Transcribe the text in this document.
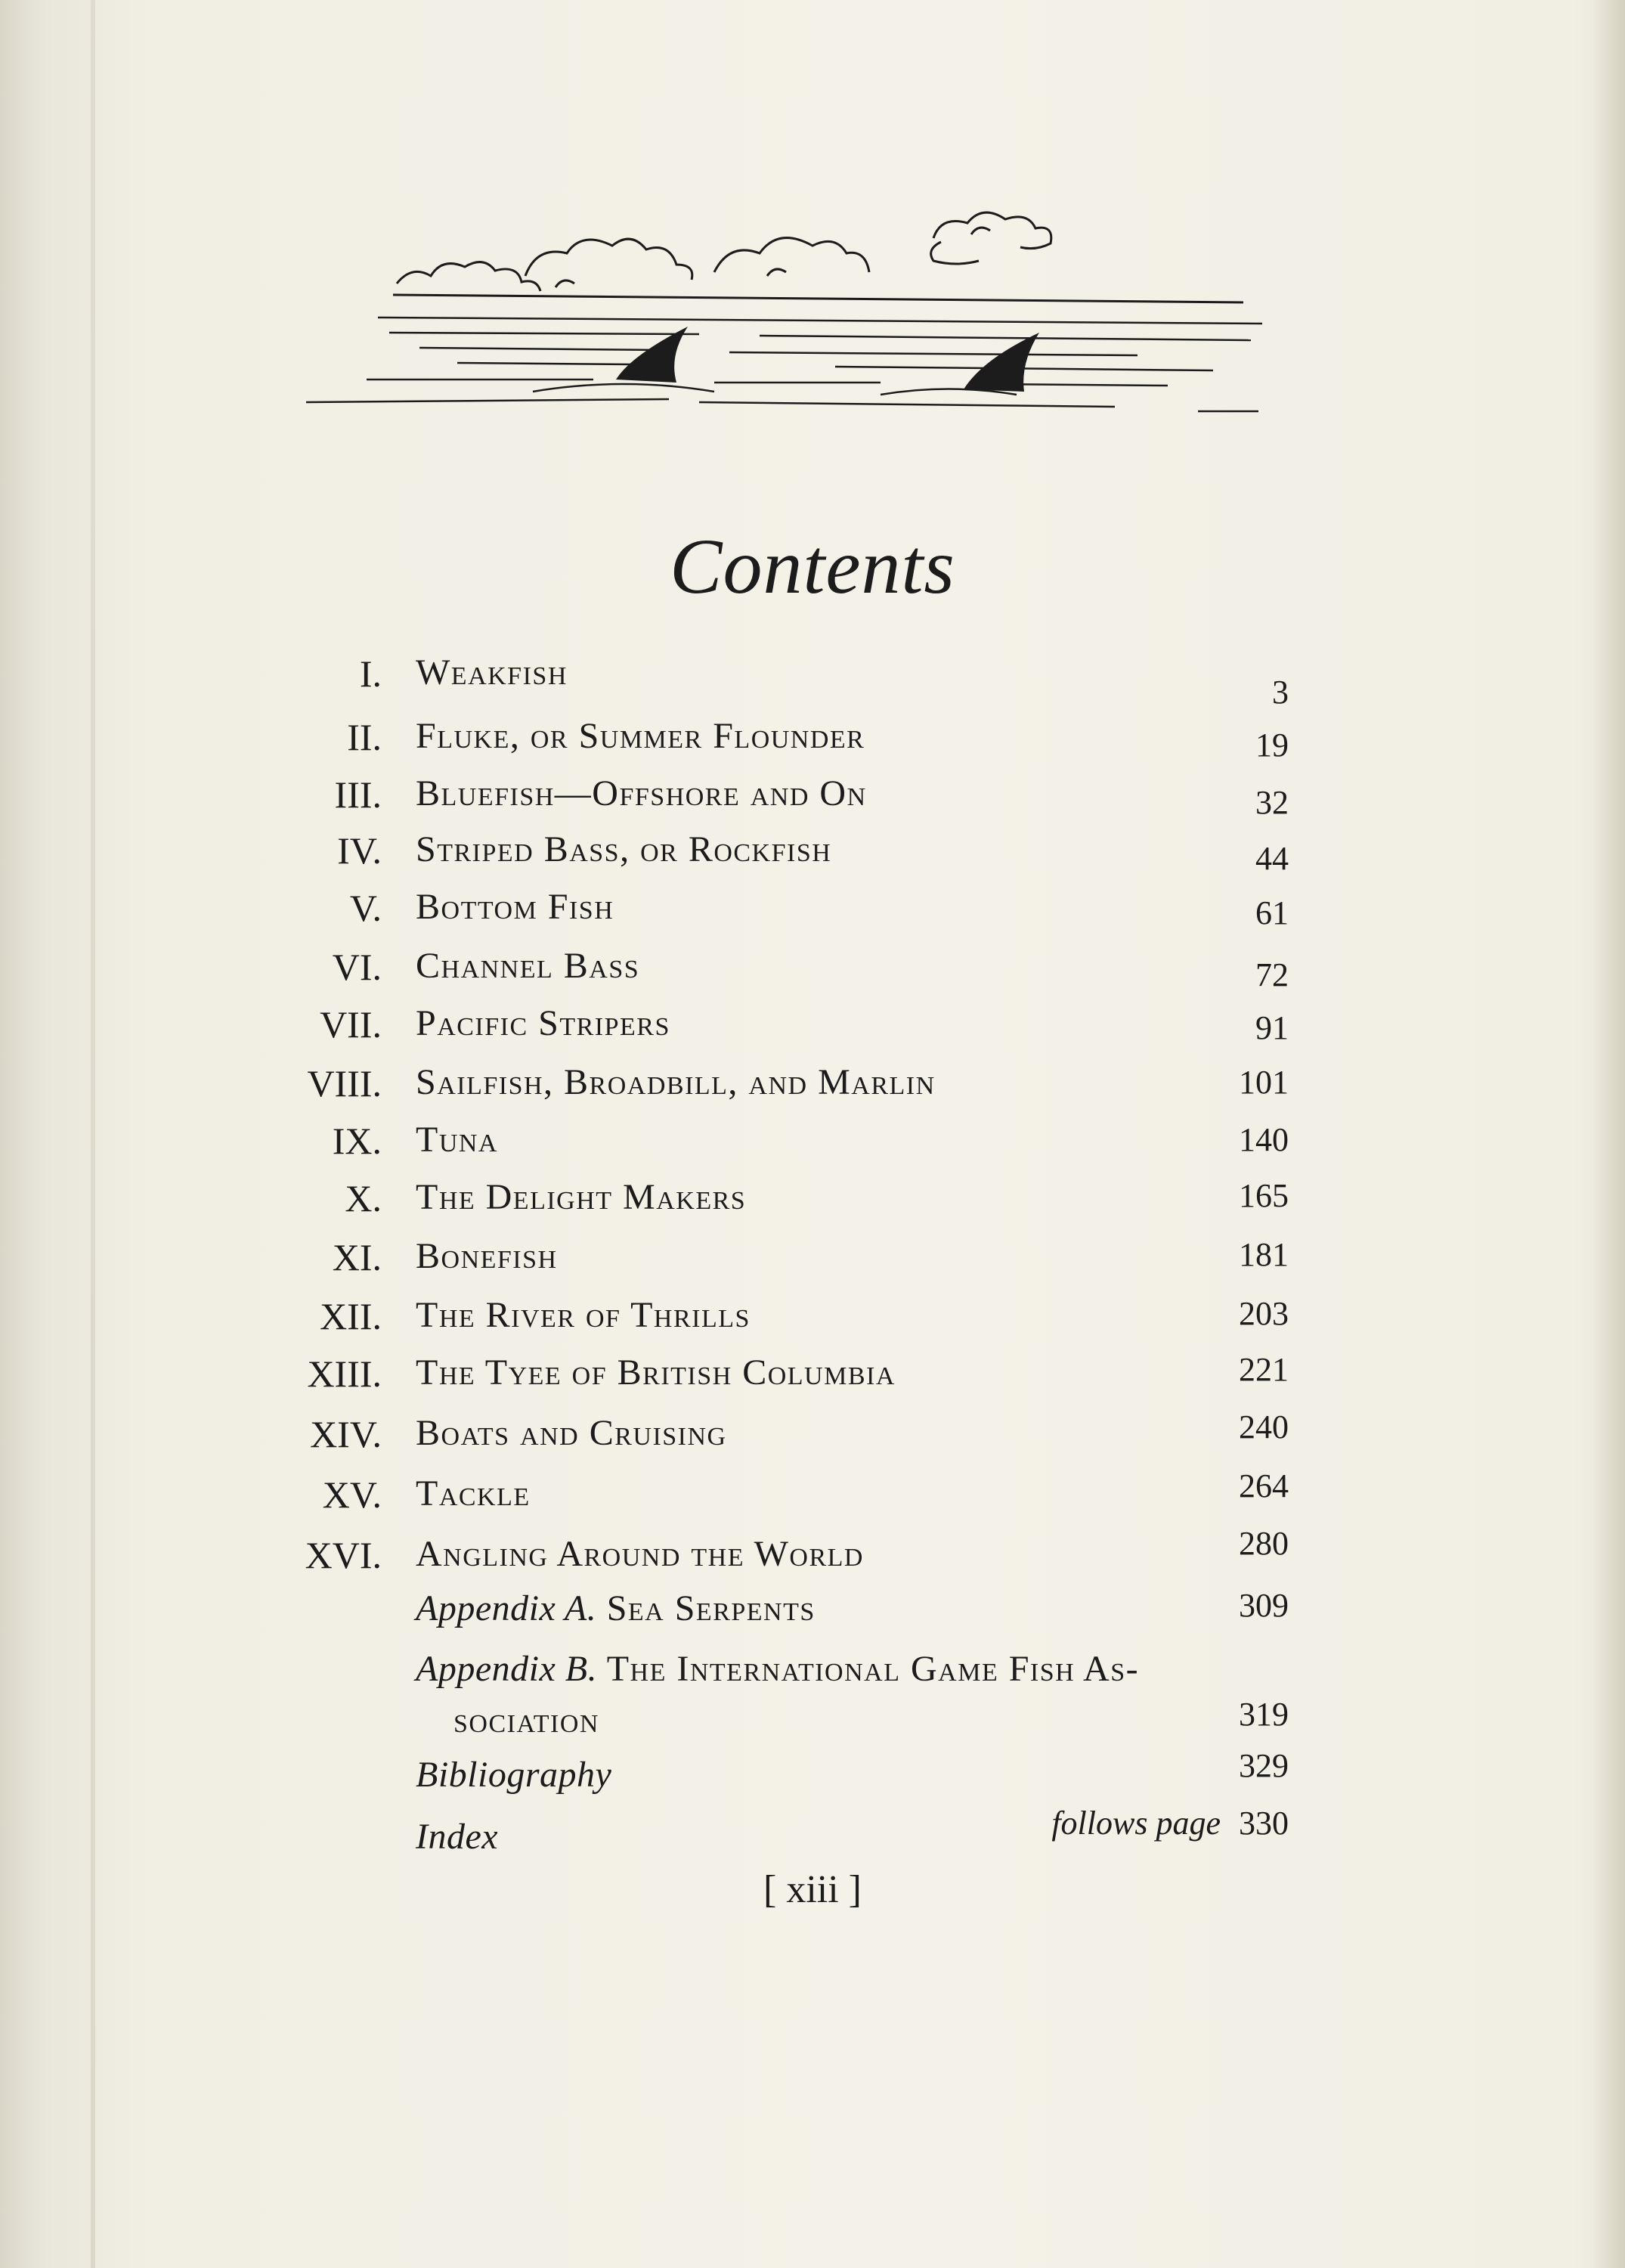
Contents
I. Weakfish	3
II. Fluke, or Summer Flounder	19
III. Bluefish—Offshore and On	32
IV. Striped Bass, or Rockfish	44
V. Bottom Fish	61
VI. Channel Bass	72
VII. Pacific Stripers	91
VIII. Sailfish, Broadbill, and Marlin	101
IX. Tuna	140
X. The Delight Makers	165
XI. Bonefish	181
XII. The River of Thrills	203
XIII. The Tyee of British Columbia	221
XIV. Boats and Cruising	240
XV. Tackle	264
XVI. Angling Around the World	280
Appendix A. Sea Serpents	309
Appendix B. The International Game Fish As-
sociation	319
Bibliography	329
Index	follows page 330
[ xiii ]
